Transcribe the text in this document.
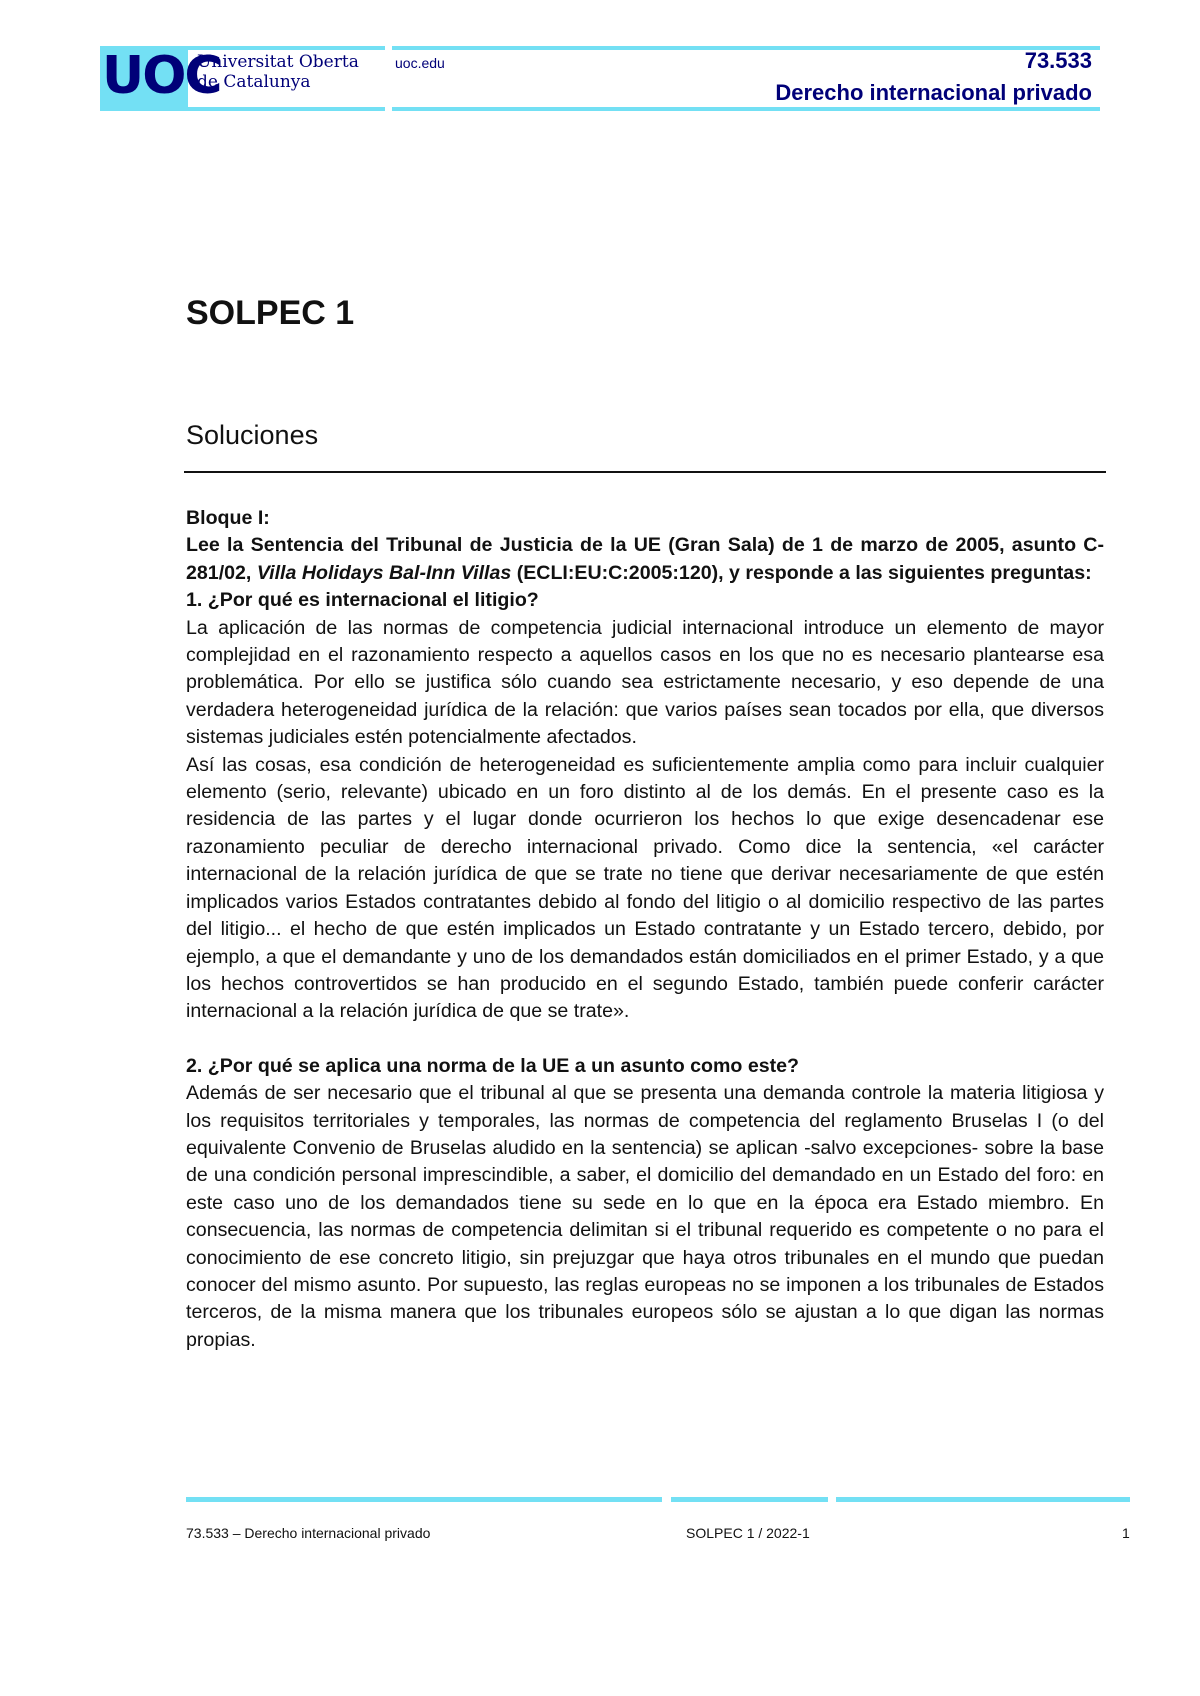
UOC
Universitat Oberta
de Catalunya
uoc.edu	73.533
Derecho internacional privado
SOLPEC 1
Soluciones

Bloque I:

Lee la Sentencia del Tribunal de Justicia de la UE (Gran Sala) de 1 de marzo de 2005, asunto C-281/02, Villa Holidays Bal-Inn Villas (ECLI:EU:C:2005:120), y responde a las siguientes preguntas:

1. ¿Por qué es internacional el litigio?

La aplicación de las normas de competencia judicial internacional introduce un elemento de mayor complejidad en el razonamiento respecto a aquellos casos en los que no es necesario plantearse esa problemática. Por ello se justifica sólo cuando sea estrictamente necesario, y eso depende de una verdadera heterogeneidad jurídica de la relación: que varios países sean tocados por ella, que diversos sistemas judiciales estén potencialmente afectados.

Así las cosas, esa condición de heterogeneidad es suficientemente amplia como para incluir cualquier elemento (serio, relevante) ubicado en un foro distinto al de los demás. En el presente caso es la residencia de las partes y el lugar donde ocurrieron los hechos lo que exige desencadenar ese razonamiento peculiar de derecho internacional privado. Como dice la sentencia, «el carácter internacional de la relación jurídica de que se trate no tiene que derivar necesariamente de que estén implicados varios Estados contratantes debido al fondo del litigio o al domicilio respectivo de las partes del litigio... el hecho de que estén implicados un Estado contratante y un Estado tercero, debido, por ejemplo, a que el demandante y uno de los demandados están domiciliados en el primer Estado, y a que los hechos controvertidos se han producido en el segundo Estado, también puede conferir carácter internacional a la relación jurídica de que se trate».

2. ¿Por qué se aplica una norma de la UE a un asunto como este?

Además de ser necesario que el tribunal al que se presenta una demanda controle la materia litigiosa y los requisitos territoriales y temporales, las normas de competencia del reglamento Bruselas I (o del equivalente Convenio de Bruselas aludido en la sentencia) se aplican -salvo excepciones- sobre la base de una condición personal imprescindible, a saber, el domicilio del demandado en un Estado del foro: en este caso uno de los demandados tiene su sede en lo que en la época era Estado miembro. En consecuencia, las normas de competencia delimitan si el tribunal requerido es competente o no para el conocimiento de ese concreto litigio, sin prejuzgar que haya otros tribunales en el mundo que puedan conocer del mismo asunto. Por supuesto, las reglas europeas no se imponen a los tribunales de Estados terceros, de la misma manera que los tribunales europeos sólo se ajustan a lo que digan las normas propias.

73.533 – Derecho internacional privado	SOLPEC 1 / 2022-1	1
